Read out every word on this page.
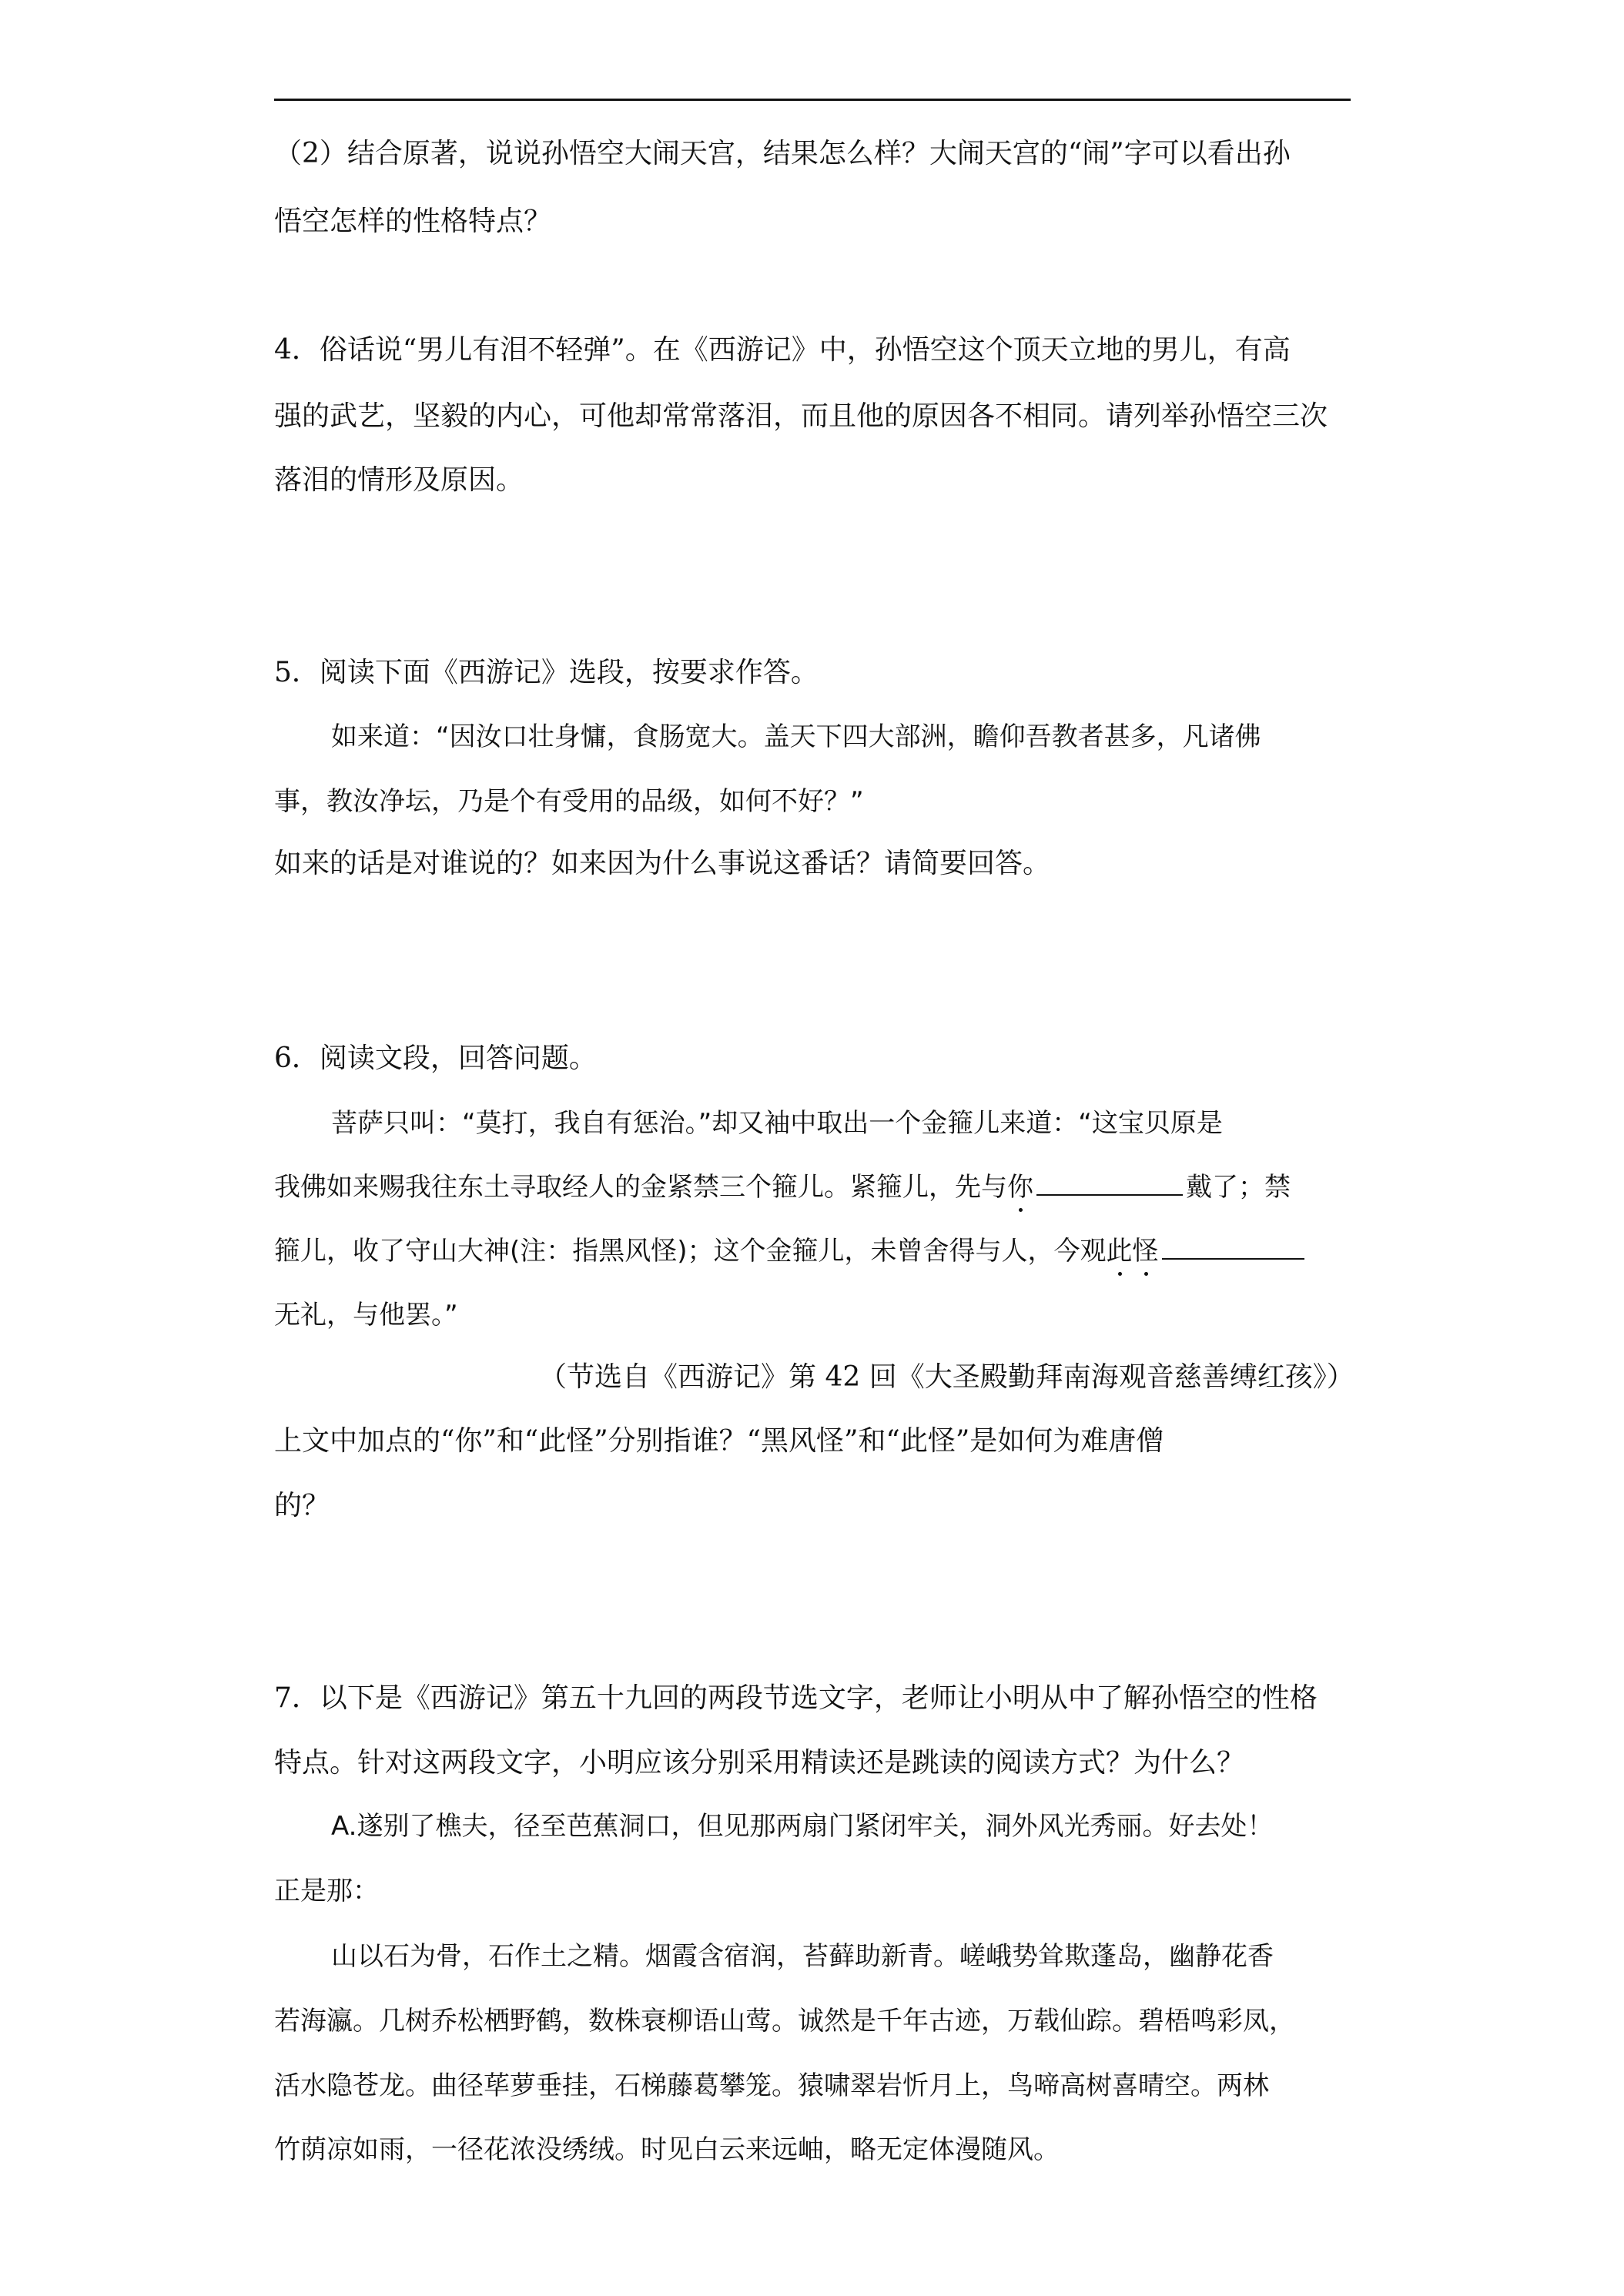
（2）结合原著，说说孙悟空大闹天宫，结果怎么样？大闹天宫的“闹”字可以看出孙
悟空怎样的性格特点？
4．俗话说“男儿有泪不轻弹”。在《西游记》中，孙悟空这个顶天立地的男儿，有高
强的武艺，坚毅的内心，可他却常常落泪，而且他的原因各不相同。请列举孙悟空三次
落泪的情形及原因。
5．阅读下面《西游记》选段，按要求作答。
如来道：“因汝口壮身慵，食肠宽大。盖天下四大部洲，瞻仰吾教者甚多，凡诸佛
事，教汝净坛，乃是个有受用的品级，如何不好？”
如来的话是对谁说的？如来因为什么事说这番话？请简要回答。
6．阅读文段，回答问题。
菩萨只叫：“莫打，我自有惩治。”却又袖中取出一个金箍儿来道：“这宝贝原是
我佛如来赐我往东土寻取经人的金紧禁三个箍儿。紧箍儿，先与你	戴了；禁
箍儿，收了守山大神(注：指黑风怪)；这个金箍儿，未曾舍得与人，今观此怪
无礼，与他罢。”
（节选自《西游记》第 42 回《大圣殿勤拜南海观音慈善缚红孩》）
上文中加点的“你”和“此怪”分别指谁？“黑风怪”和“此怪”是如何为难唐僧
的？
7．以下是《西游记》第五十九回的两段节选文字，老师让小明从中了解孙悟空的性格
特点。针对这两段文字，小明应该分别采用精读还是跳读的阅读方式？为什么？
A.遂别了樵夫，径至芭蕉洞口，但见那两扇门紧闭牢关，洞外风光秀丽。好去处！
正是那：
山以石为骨，石作土之精。烟霞含宿润，苔藓助新青。嵯峨势耸欺蓬岛，幽静花香
若海瀛。几树乔松栖野鹤，数株衰柳语山莺。诚然是千年古迹，万载仙踪。碧梧鸣彩凤，
活水隐苍龙。曲径荜萝垂挂，石梯藤葛攀笼。猿啸翠岩忻月上，鸟啼高树喜晴空。两林
竹荫凉如雨，一径花浓没绣绒。时见白云来远岫，略无定体漫随风。
